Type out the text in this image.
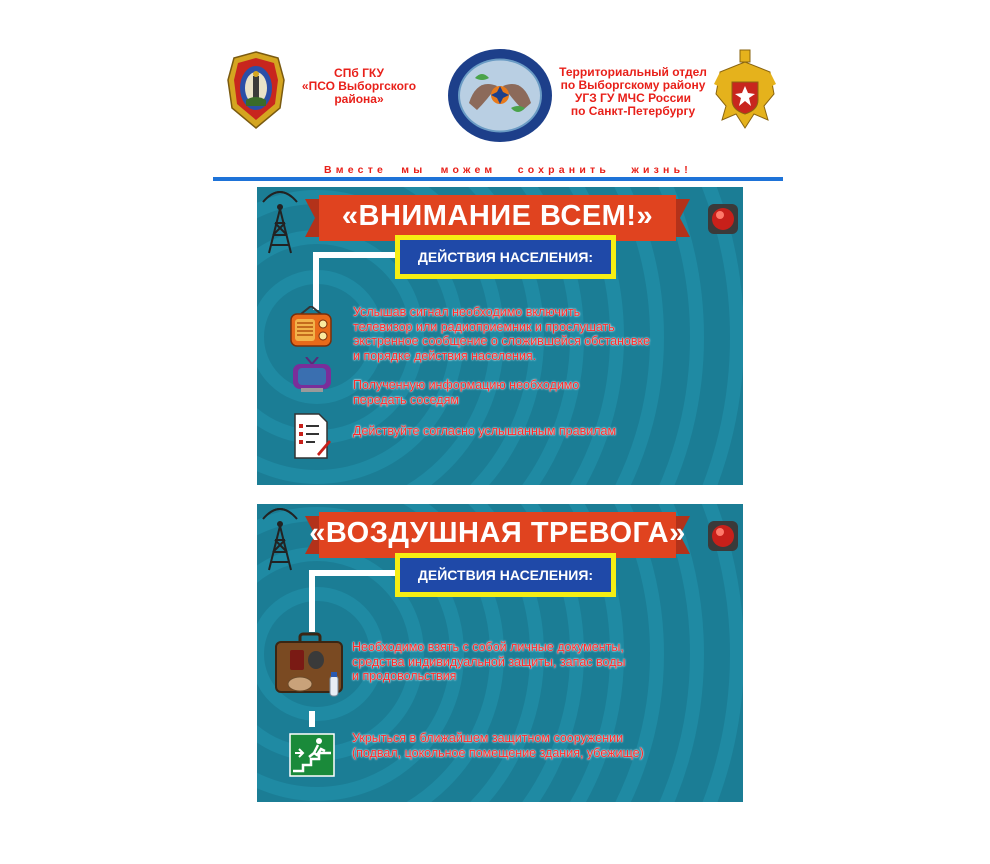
СПб ГКУ
«ПСО Выборгского района»
Территориальный отдел
по Выборгскому району
УГЗ ГУ МЧС России
по Санкт-Петербургу
Вместе  мы  можем   сохранить   жизнь!
«ВНИМАНИЕ ВСЕМ!»
ДЕЙСТВИЯ НАСЕЛЕНИЯ:
Услышав сигнал необходимо включить
телевизор или радиоприемник и прослушать
экстренное сообщение о сложившейся обстановке
и порядке действия населения.
Полученную информацию необходимо
передать соседям
Действуйте согласно услышанным правилам
«ВОЗДУШНАЯ ТРЕВОГА»
ДЕЙСТВИЯ НАСЕЛЕНИЯ:
Необходимо взять с собой личные документы,
средства индивидуальной защиты, запас воды
и продовольствия
Укрыться в ближайшем защитном сооружении
(подвал, цокольное помещение здания, убежище)
